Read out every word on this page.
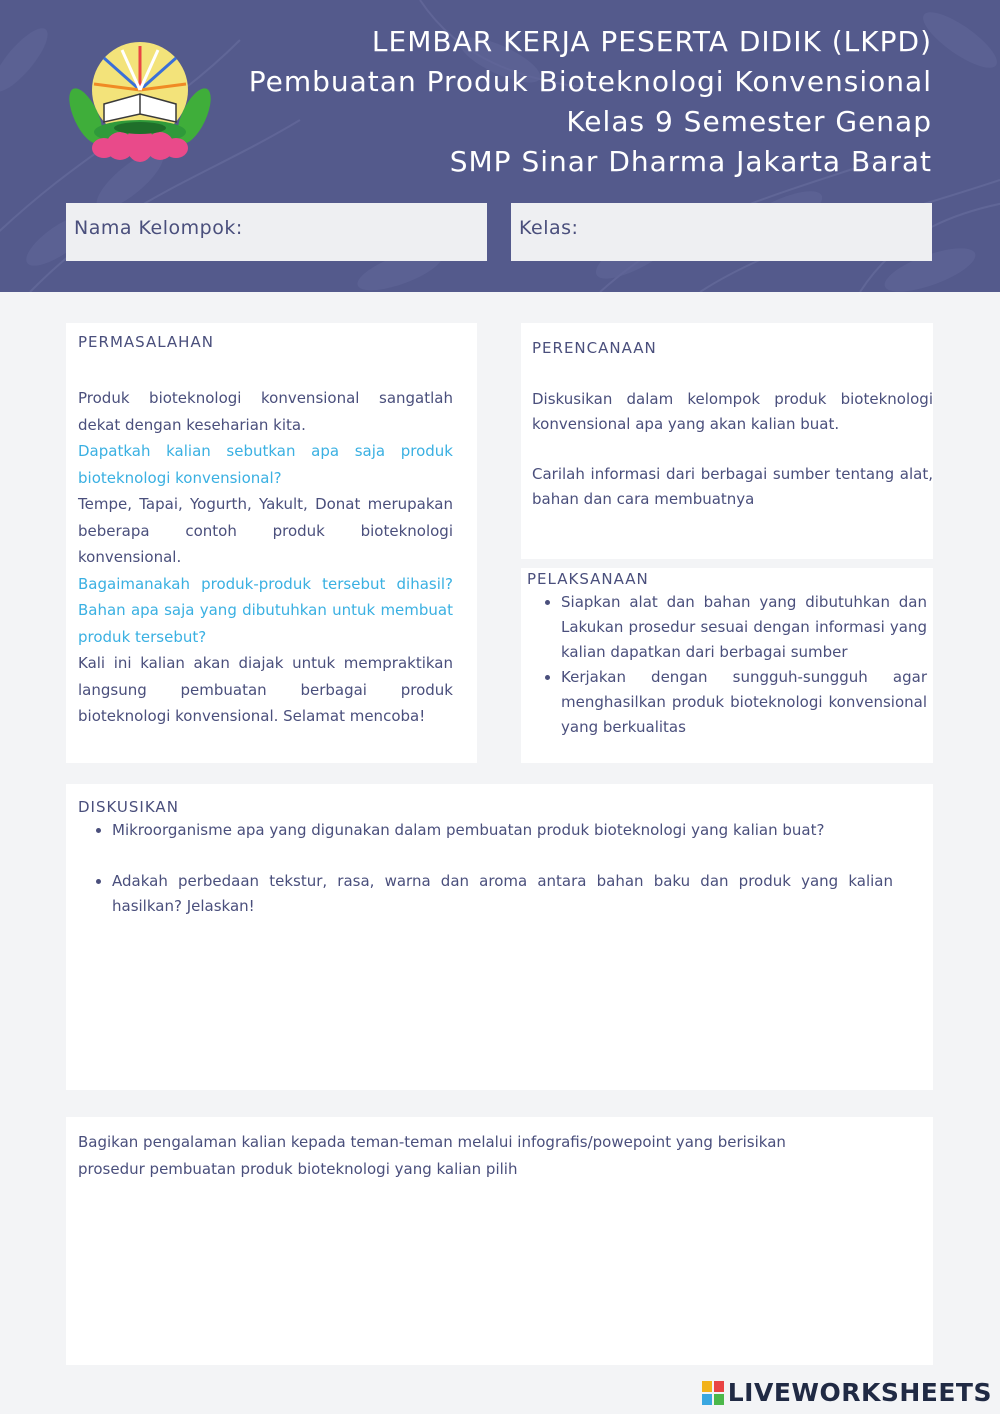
LEMBAR KERJA PESERTA DIDIK (LKPD)
Pembuatan Produk Bioteknologi Konvensional
Kelas 9 Semester Genap
SMP Sinar Dharma Jakarta Barat
Nama Kelompok:	Kelas:
PERMASALAHAN

Produk bioteknologi konvensional sangatlah dekat dengan keseharian kita.

Dapatkah kalian sebutkan apa saja produk bioteknologi konvensional?

Tempe, Tapai, Yogurth, Yakult, Donat merupakan beberapa contoh produk bioteknologi konvensional.

Bagaimanakah produk-produk tersebut dihasil? Bahan apa saja yang dibutuhkan untuk membuat produk tersebut?

Kali ini kalian akan diajak untuk mempraktikan langsung pembuatan berbagai produk bioteknologi konvensional. Selamat mencoba!

PERENCANAAN

Diskusikan dalam kelompok produk bioteknologi konvensional apa yang akan kalian buat.

Carilah informasi dari berbagai sumber tentang alat, bahan dan cara membuatnya

PELAKSANAAN
• Siapkan alat dan bahan yang dibutuhkan dan Lakukan prosedur sesuai dengan informasi yang kalian dapatkan dari berbagai sumber
• Kerjakan dengan sungguh-sungguh agar menghasilkan produk bioteknologi konvensional yang berkualitas
DISKUSIKAN
• Mikroorganisme apa yang digunakan dalam pembuatan produk bioteknologi yang kalian buat?
• Adakah perbedaan tekstur, rasa, warna dan aroma antara bahan baku dan produk yang kalian hasilkan? Jelaskan!

Bagikan pengalaman kalian kepada teman-teman melalui infografis/powepoint yang berisikan prosedur pembuatan produk bioteknologi yang kalian pilih

LIVEWORKSHEETS
